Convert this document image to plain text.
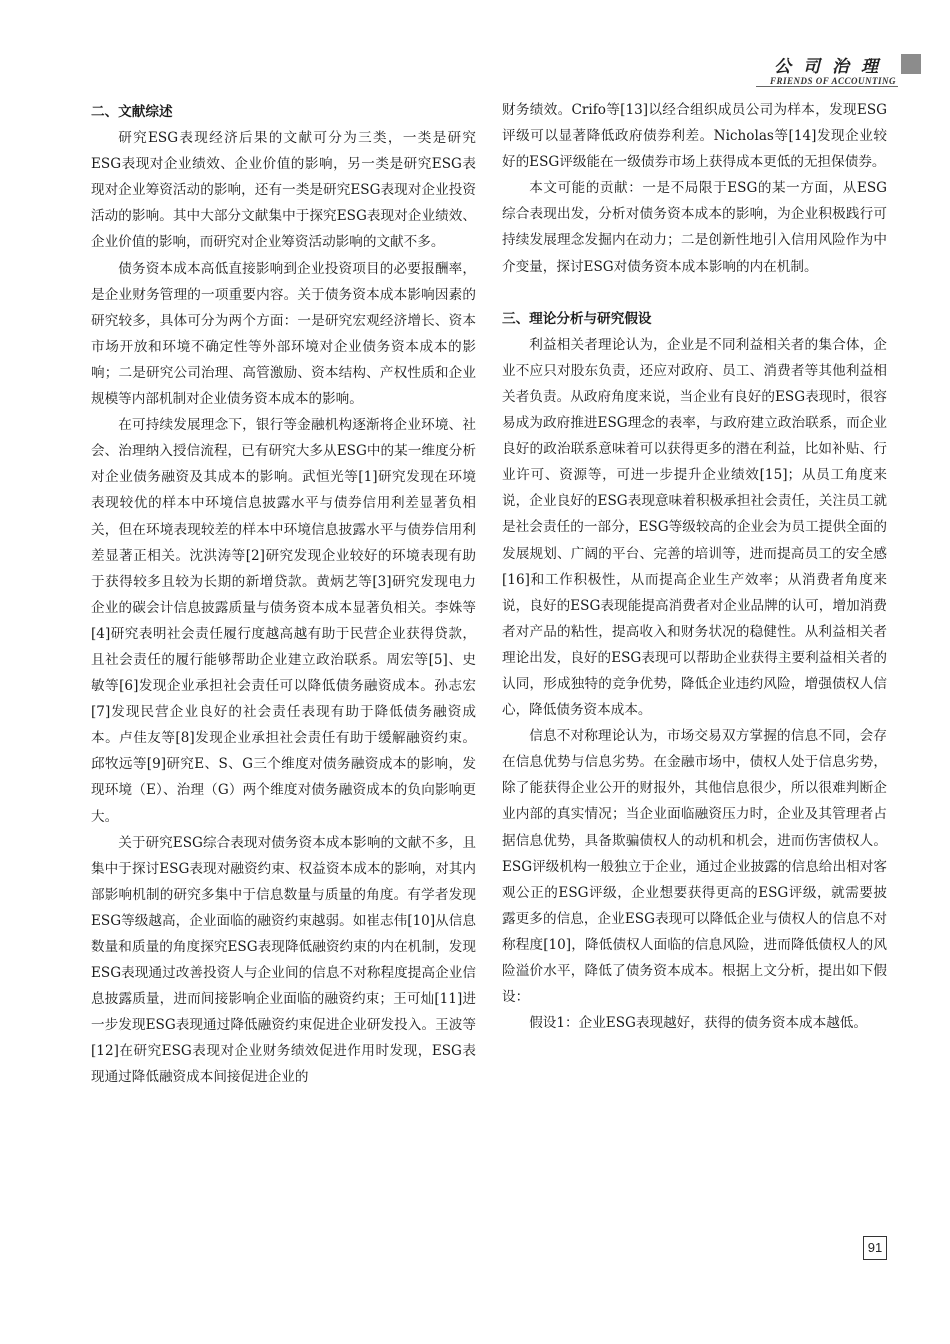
公司治理
FRIENDS OF ACCOUNTING

二、文献综述

研究ESG表现经济后果的文献可分为三类，一类是研究ESG表现对企业绩效、企业价值的影响，另一类是研究ESG表现对企业筹资活动的影响，还有一类是研究ESG表现对企业投资活动的影响。其中大部分文献集中于探究ESG表现对企业绩效、企业价值的影响，而研究对企业筹资活动影响的文献不多。

债务资本成本高低直接影响到企业投资项目的必要报酬率，是企业财务管理的一项重要内容。关于债务资本成本影响因素的研究较多，具体可分为两个方面：一是研究宏观经济增长、资本市场开放和环境不确定性等外部环境对企业债务资本成本的影响；二是研究公司治理、高管激励、资本结构、产权性质和企业规模等内部机制对企业债务资本成本的影响。

在可持续发展理念下，银行等金融机构逐渐将企业环境、社会、治理纳入授信流程，已有研究大多从ESG中的某一维度分析对企业债务融资及其成本的影响。武恒光等[1]研究发现在环境表现较优的样本中环境信息披露水平与债券信用利差显著负相关，但在环境表现较差的样本中环境信息披露水平与债券信用利差显著正相关。沈洪涛等[2]研究发现企业较好的环境表现有助于获得较多且较为长期的新增贷款。黄炳艺等[3]研究发现电力企业的碳会计信息披露质量与债务资本成本显著负相关。李姝等[4]研究表明社会责任履行度越高越有助于民营企业获得贷款，且社会责任的履行能够帮助企业建立政治联系。周宏等[5]、史敏等[6]发现企业承担社会责任可以降低债务融资成本。孙志宏[7]发现民营企业良好的社会责任表现有助于降低债务融资成本。卢佳友等[8]发现企业承担社会责任有助于缓解融资约束。邱牧远等[9]研究E、S、G三个维度对债务融资成本的影响，发现环境（E）、治理（G）两个维度对债务融资成本的负向影响更大。

关于研究ESG综合表现对债务资本成本影响的文献不多，且集中于探讨ESG表现对融资约束、权益资本成本的影响，对其内部影响机制的研究多集中于信息数量与质量的角度。有学者发现ESG等级越高，企业面临的融资约束越弱。如崔志伟[10]从信息数量和质量的角度探究ESG表现降低融资约束的内在机制，发现ESG表现通过改善投资人与企业间的信息不对称程度提高企业信息披露质量，进而间接影响企业面临的融资约束；王可灿[11]进一步发现ESG表现通过降低融资约束促进企业研发投入。王波等[12]在研究ESG表现对企业财务绩效促进作用时发现，ESG表现通过降低融资成本间接促进企业的

财务绩效。Crifo等[13]以经合组织成员公司为样本，发现ESG评级可以显著降低政府债券利差。Nicholas等[14]发现企业较好的ESG评级能在一级债券市场上获得成本更低的无担保债券。

本文可能的贡献：一是不局限于ESG的某一方面，从ESG综合表现出发，分析对债务资本成本的影响，为企业积极践行可持续发展理念发掘内在动力；二是创新性地引入信用风险作为中介变量，探讨ESG对债务资本成本影响的内在机制。

三、理论分析与研究假设

利益相关者理论认为，企业是不同利益相关者的集合体，企业不应只对股东负责，还应对政府、员工、消费者等其他利益相关者负责。从政府角度来说，当企业有良好的ESG表现时，很容易成为政府推进ESG理念的表率，与政府建立政治联系，而企业良好的政治联系意味着可以获得更多的潜在利益，比如补贴、行业许可、资源等，可进一步提升企业绩效[15]；从员工角度来说，企业良好的ESG表现意味着积极承担社会责任，关注员工就是社会责任的一部分，ESG等级较高的企业会为员工提供全面的发展规划、广阔的平台、完善的培训等，进而提高员工的安全感[16]和工作积极性，从而提高企业生产效率；从消费者角度来说，良好的ESG表现能提高消费者对企业品牌的认可，增加消费者对产品的粘性，提高收入和财务状况的稳健性。从利益相关者理论出发，良好的ESG表现可以帮助企业获得主要利益相关者的认同，形成独特的竞争优势，降低企业违约风险，增强债权人信心，降低债务资本成本。

信息不对称理论认为，市场交易双方掌握的信息不同，会存在信息优势与信息劣势。在金融市场中，债权人处于信息劣势，除了能获得企业公开的财报外，其他信息很少，所以很难判断企业内部的真实情况；当企业面临融资压力时，企业及其管理者占据信息优势，具备欺骗债权人的动机和机会，进而伤害债权人。ESG评级机构一般独立于企业，通过企业披露的信息给出相对客观公正的ESG评级，企业想要获得更高的ESG评级，就需要披露更多的信息，企业ESG表现可以降低企业与债权人的信息不对称程度[10]，降低债权人面临的信息风险，进而降低债权人的风险溢价水平，降低了债务资本成本。根据上文分析，提出如下假设：

假设1：企业ESG表现越好，获得的债务资本成本越低。

91
